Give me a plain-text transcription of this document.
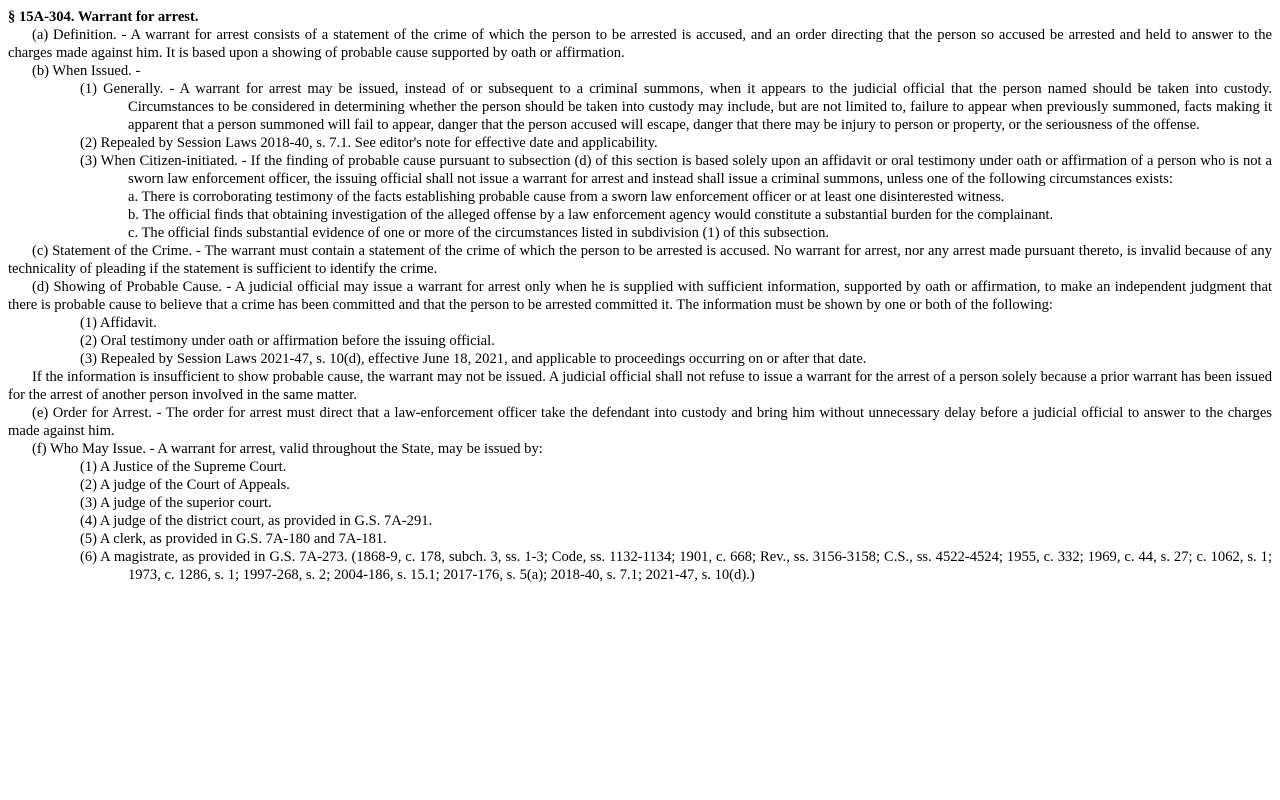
§ 15A-304. Warrant for arrest.

(a) Definition. - A warrant for arrest consists of a statement of the crime of which the person to be arrested is accused, and an order directing that the person so accused be arrested and held to answer to the charges made against him. It is based upon a showing of probable cause supported by oath or affirmation.

(b) When Issued. -

(1) Generally. - A warrant for arrest may be issued, instead of or subsequent to a criminal summons, when it appears to the judicial official that the person named should be taken into custody. Circumstances to be considered in determining whether the person should be taken into custody may include, but are not limited to, failure to appear when previously summoned, facts making it apparent that a person summoned will fail to appear, danger that the person accused will escape, danger that there may be injury to person or property, or the seriousness of the offense.

(2) Repealed by Session Laws 2018-40, s. 7.1. See editor's note for effective date and applicability.

(3) When Citizen-initiated. - If the finding of probable cause pursuant to subsection (d) of this section is based solely upon an affidavit or oral testimony under oath or affirmation of a person who is not a sworn law enforcement officer, the issuing official shall not issue a warrant for arrest and instead shall issue a criminal summons, unless one of the following circumstances exists:

a. There is corroborating testimony of the facts establishing probable cause from a sworn law enforcement officer or at least one disinterested witness.

b. The official finds that obtaining investigation of the alleged offense by a law enforcement agency would constitute a substantial burden for the complainant.

c. The official finds substantial evidence of one or more of the circumstances listed in subdivision (1) of this subsection.

(c) Statement of the Crime. - The warrant must contain a statement of the crime of which the person to be arrested is accused. No warrant for arrest, nor any arrest made pursuant thereto, is invalid because of any technicality of pleading if the statement is sufficient to identify the crime.

(d) Showing of Probable Cause. - A judicial official may issue a warrant for arrest only when he is supplied with sufficient information, supported by oath or affirmation, to make an independent judgment that there is probable cause to believe that a crime has been committed and that the person to be arrested committed it. The information must be shown by one or both of the following:

(1) Affidavit.

(2) Oral testimony under oath or affirmation before the issuing official.

(3) Repealed by Session Laws 2021-47, s. 10(d), effective June 18, 2021, and applicable to proceedings occurring on or after that date.

If the information is insufficient to show probable cause, the warrant may not be issued. A judicial official shall not refuse to issue a warrant for the arrest of a person solely because a prior warrant has been issued for the arrest of another person involved in the same matter.

(e) Order for Arrest. - The order for arrest must direct that a law-enforcement officer take the defendant into custody and bring him without unnecessary delay before a judicial official to answer to the charges made against him.

(f) Who May Issue. - A warrant for arrest, valid throughout the State, may be issued by:

(1) A Justice of the Supreme Court.

(2) A judge of the Court of Appeals.

(3) A judge of the superior court.

(4) A judge of the district court, as provided in G.S. 7A-291.

(5) A clerk, as provided in G.S. 7A-180 and 7A-181.

(6) A magistrate, as provided in G.S. 7A-273. (1868-9, c. 178, subch. 3, ss. 1-3; Code, ss. 1132-1134; 1901, c. 668; Rev., ss. 3156-3158; C.S., ss. 4522-4524; 1955, c. 332; 1969, c. 44, s. 27; c. 1062, s. 1; 1973, c. 1286, s. 1; 1997-268, s. 2; 2004-186, s. 15.1; 2017-176, s. 5(a); 2018-40, s. 7.1; 2021-47, s. 10(d).)
